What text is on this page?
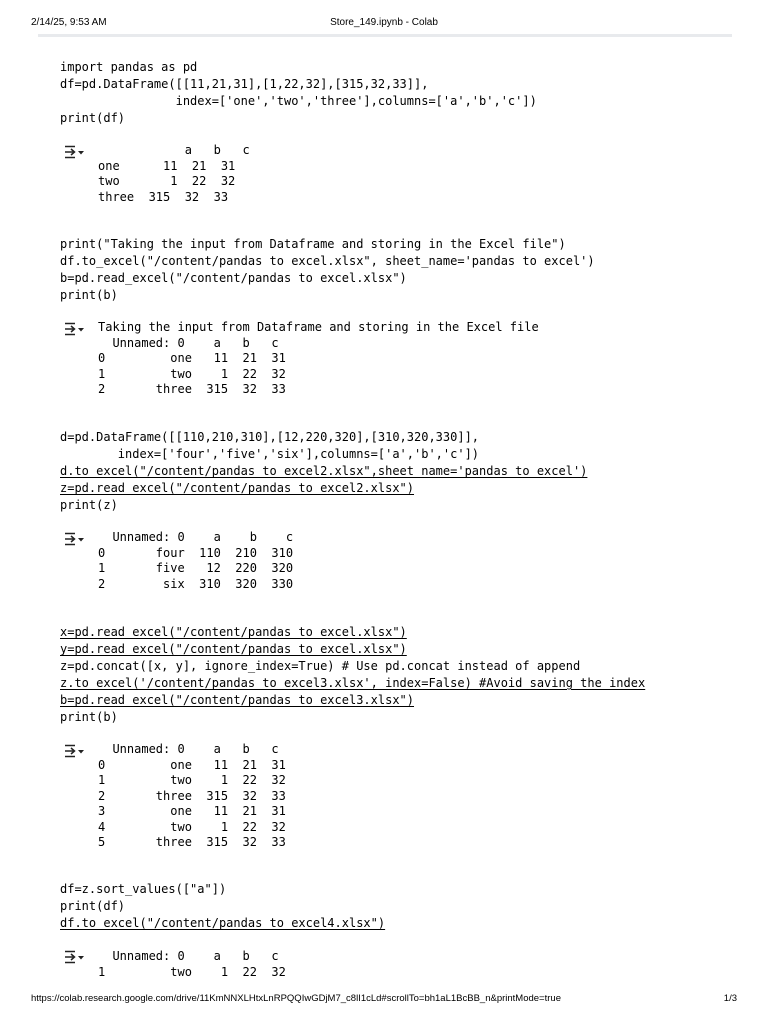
2/14/25, 9:53 AM	Store_149.ipynb - Colab
import pandas as pd
df=pd.DataFrame([[11,21,31],[1,22,32],[315,32,33]],
index=['one','two','three'],columns=['a','b','c'])
print(df)
a   b   c
one      11  21  31
two       1  22  32
three  315  32  33
print("Taking the input from Dataframe and storing in the Excel file")
df.to_excel("/content/pandas to excel.xlsx", sheet_name='pandas to excel')
b=pd.read_excel("/content/pandas to excel.xlsx")
print(b)
Taking the input from Dataframe and storing in the Excel file
Unnamed: 0    a   b   c
0         one   11  21  31
1         two    1  22  32
2       three  315  32  33
d=pd.DataFrame([[110,210,310],[12,220,320],[310,320,330]],
index=['four','five','six'],columns=['a','b','c'])
d.to_excel("/content/pandas to excel2.xlsx",sheet_name='pandas to excel')
z=pd.read_excel("/content/pandas to excel2.xlsx")
print(z)
Unnamed: 0    a    b    c
0       four  110  210  310
1       five   12  220  320
2        six  310  320  330
x=pd.read_excel("/content/pandas to excel.xlsx")
y=pd.read_excel("/content/pandas to excel.xlsx")
z=pd.concat([x, y], ignore_index=True) # Use pd.concat instead of append
z.to_excel('/content/pandas to excel3.xlsx', index=False) #Avoid saving the index
b=pd.read_excel("/content/pandas to excel3.xlsx")
print(b)
Unnamed: 0    a   b   c
0         one   11  21  31
1         two    1  22  32
2       three  315  32  33
3         one   11  21  31
4         two    1  22  32
5       three  315  32  33
df=z.sort_values(["a"])
print(df)
df.to_excel("/content/pandas to excel4.xlsx")
Unnamed: 0    a   b   c
1         two    1  22  32
https://colab.research.google.com/drive/11KmNNXLHtxLnRPQQIwGDjM7_c8lI1cLd#scrollTo=bh1aL1BcBB_n&printMode=true	1/3
